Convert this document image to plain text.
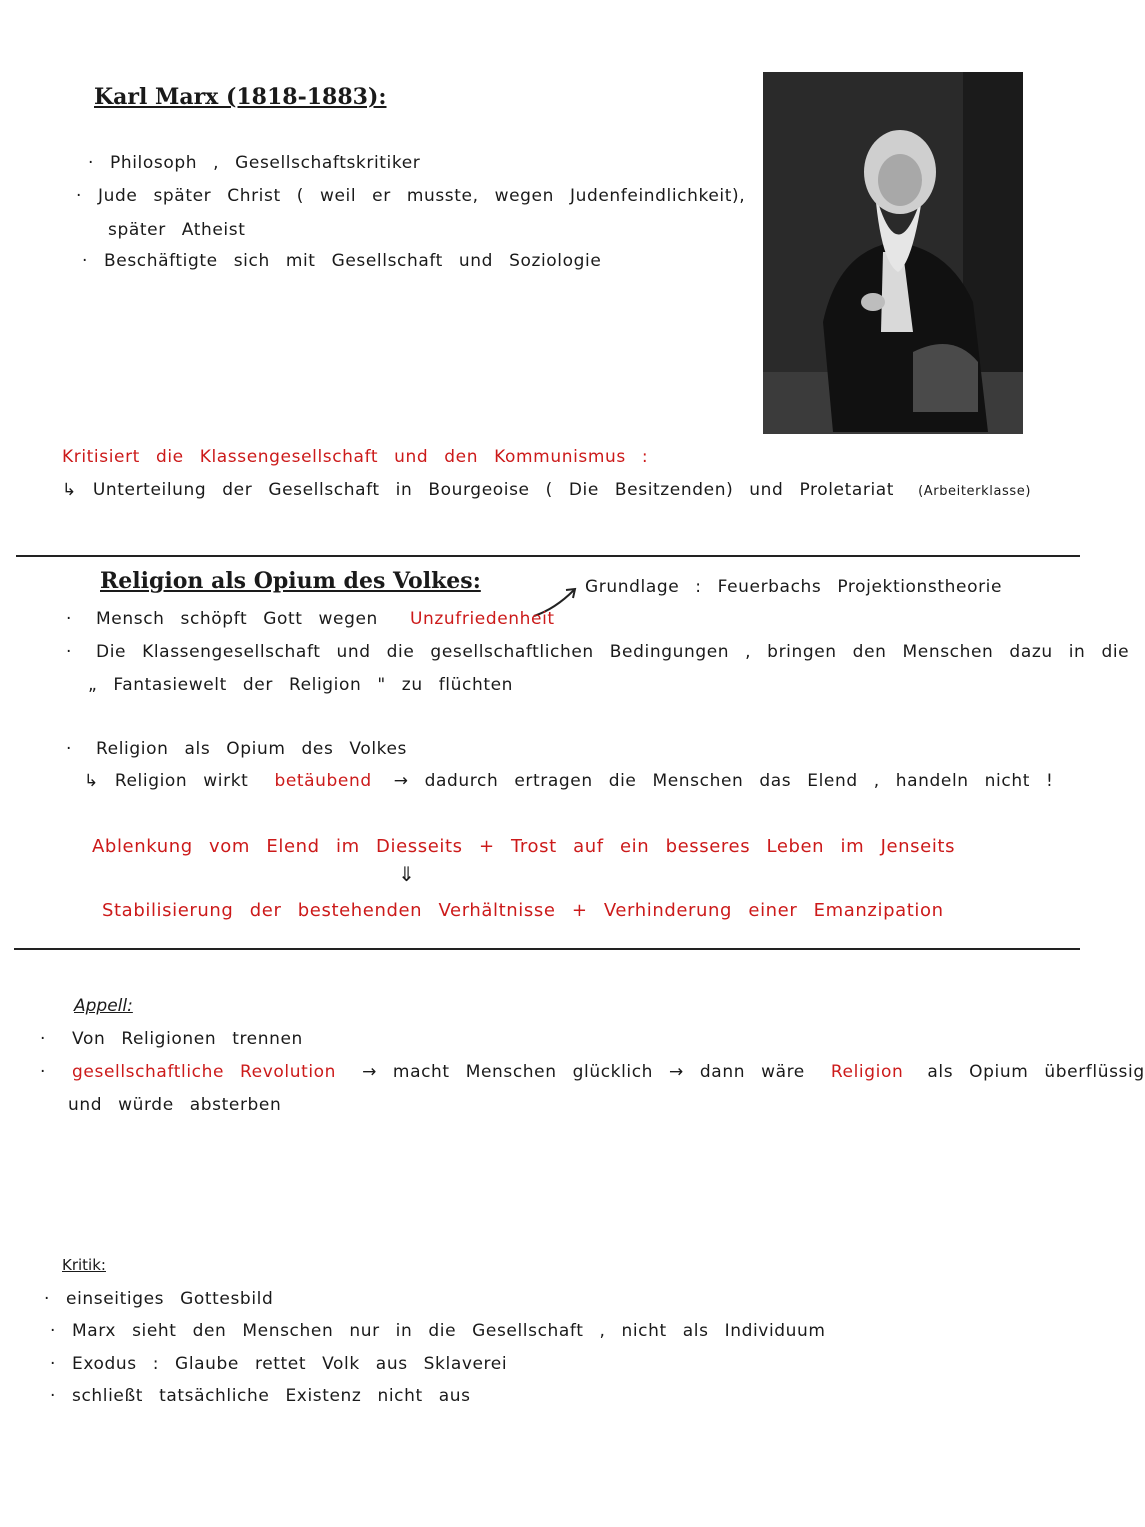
Karl Marx (1818-1883):
· Philosoph , Gesellschaftskritiker
· Jude später Christ ( weil er musste, wegen Judenfeindlichkeit),
später Atheist
· Beschäftigte sich mit Gesellschaft und Soziologie
Kritisiert die Klassengesellschaft und den Kommunismus :
↳ Unterteilung der Gesellschaft in Bourgeoise ( Die Besitzenden) und Proletariat (Arbeiterklasse)
Religion als Opium des Volkes:	Grundlage : Feuerbachs Projektionstheorie
· Mensch schöpft Gott wegen Unzufriedenheit
· Die Klassengesellschaft und die gesellschaftlichen Bedingungen , bringen den Menschen dazu in die
„ Fantasiewelt der Religion " zu flüchten
· Religion als Opium des Volkes
↳ Religion wirkt betäubend → dadurch ertragen die Menschen das Elend , handeln nicht !
Ablenkung vom Elend im Diesseits + Trost auf ein besseres Leben im Jenseits
⇓
Stabilisierung der bestehenden Verhältnisse + Verhinderung einer Emanzipation
Appell:
· Von Religionen trennen
· gesellschaftliche Revolution → macht Menschen glücklich → dann wäre Religion als Opium überflüssig
und würde absterben
Kritik:
· einseitiges Gottesbild
· Marx sieht den Menschen nur in die Gesellschaft , nicht als Individuum
· Exodus : Glaube rettet Volk aus Sklaverei
· schließt tatsächliche Existenz nicht aus
